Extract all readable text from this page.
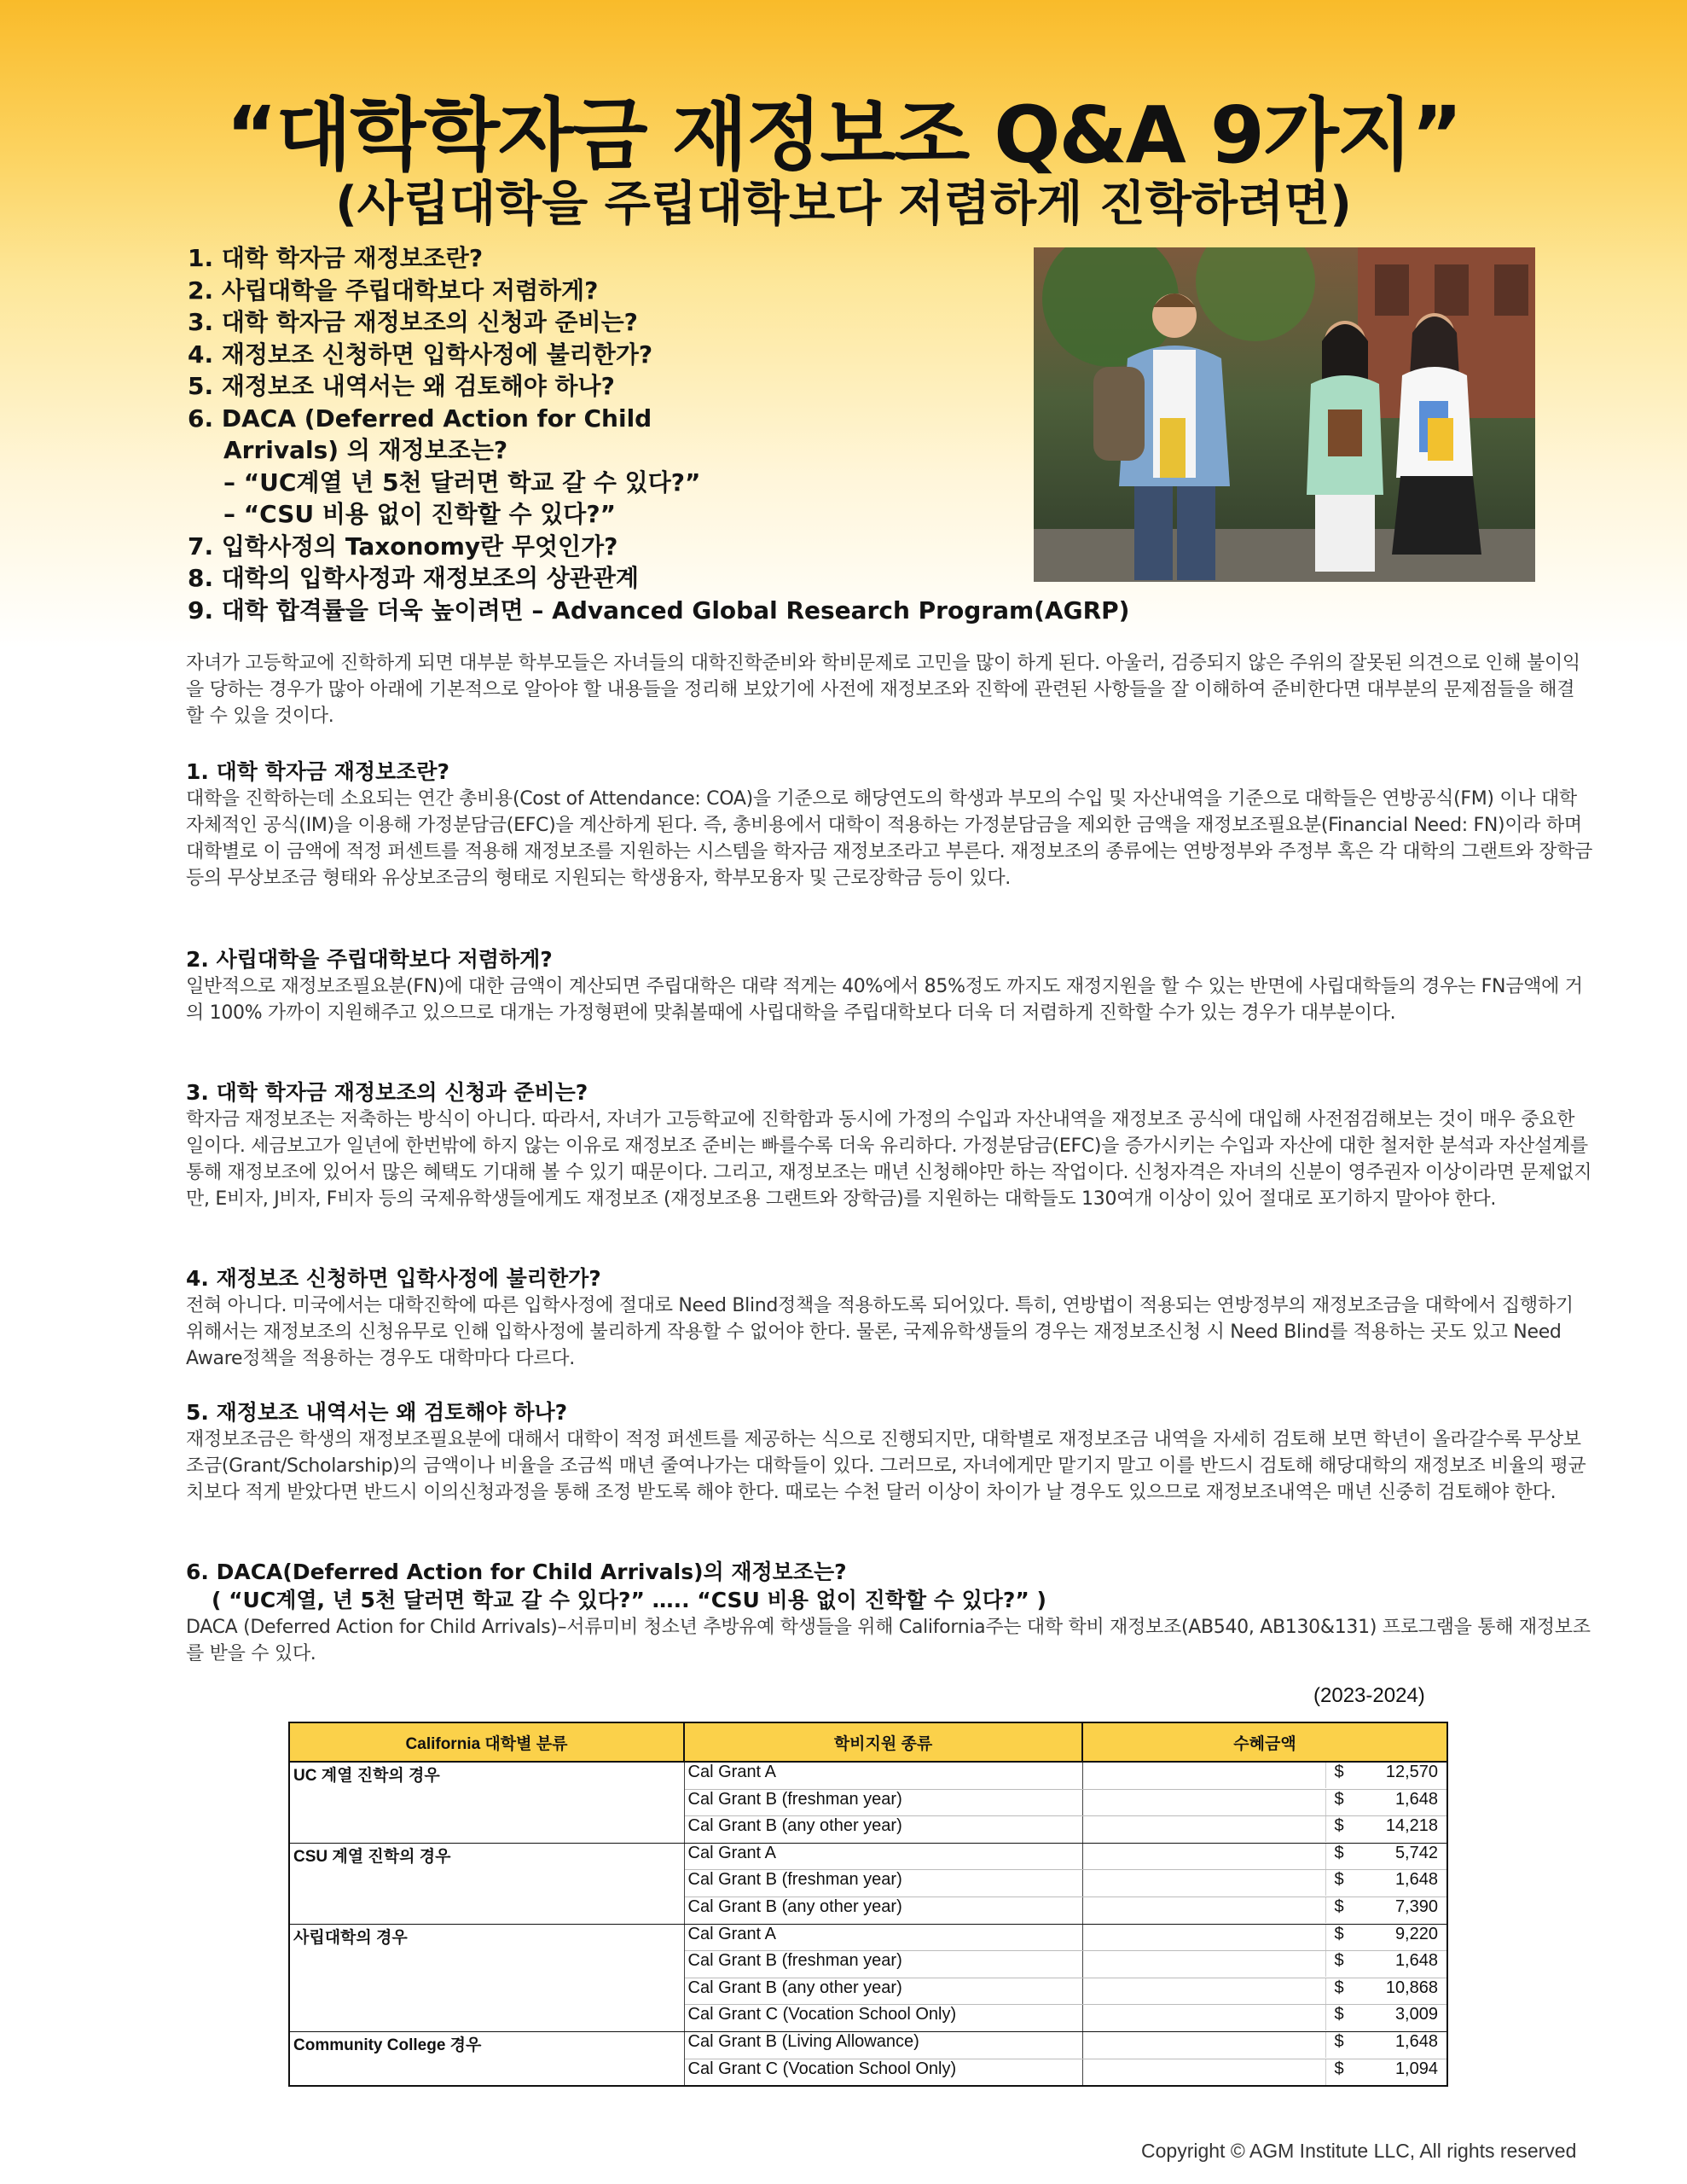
“대학학자금 재정보조 Q&A 9가지”
(사립대학을 주립대학보다 저렴하게 진학하려면)
1. 대학 학자금 재정보조란?
2. 사립대학을 주립대학보다 저렴하게?
3. 대학 학자금 재정보조의 신청과 준비는?
4. 재정보조 신청하면 입학사정에 불리한가?
5. 재정보조 내역서는 왜 검토해야 하나?
6. DACA (Deferred Action for Child
Arrivals) 의 재정보조는?
– “UC계열 년 5천 달러면 학교 갈 수 있다?”
– “CSU 비용 없이 진학할 수 있다?”
7. 입학사정의 Taxonomy란 무엇인가?
8. 대학의 입학사정과 재정보조의 상관관계
9. 대학 합격률을 더욱 높이려면 – Advanced Global Research Program(AGRP)

자녀가 고등학교에 진학하게 되면 대부분 학부모들은 자녀들의 대학진학준비와 학비문제로 고민을 많이 하게 된다. 아울러, 검증되지 않은 주위의 잘못된 의견으로 인해 불이익을 당하는 경우가 많아 아래에 기본적으로 알아야 할 내용들을 정리해 보았기에 사전에 재정보조와 진학에 관련된 사항들을 잘 이해하여 준비한다면 대부분의 문제점들을 해결할 수 있을 것이다.

1. 대학 학자금 재정보조란?

대학을 진학하는데 소요되는 연간 총비용(Cost of Attendance: COA)을 기준으로 해당연도의 학생과 부모의 수입 및 자산내역을 기준으로 대학들은 연방공식(FM) 이나 대학자체적인 공식(IM)을 이용해 가정분담금(EFC)을 계산하게 된다. 즉, 총비용에서 대학이 적용하는 가정분담금을 제외한 금액을 재정보조필요분(Financial Need: FN)이라 하며 대학별로 이 금액에 적정 퍼센트를 적용해 재정보조를 지원하는 시스템을 학자금 재정보조라고 부른다. 재정보조의 종류에는 연방정부와 주정부 혹은 각 대학의 그랜트와 장학금 등의 무상보조금 형태와 유상보조금의 형태로 지원되는 학생융자, 학부모융자 및 근로장학금 등이 있다.

2. 사립대학을 주립대학보다 저렴하게?

일반적으로 재정보조필요분(FN)에 대한 금액이 계산되면 주립대학은 대략 적게는 40%에서 85%정도 까지도 재정지원을 할 수 있는 반면에 사립대학들의 경우는 FN금액에 거의 100% 가까이 지원해주고 있으므로 대개는 가정형편에 맞춰볼때에 사립대학을 주립대학보다 더욱 더 저렴하게 진학할 수가 있는 경우가 대부분이다.

3. 대학 학자금 재정보조의 신청과 준비는?

학자금 재정보조는 저축하는 방식이 아니다. 따라서, 자녀가 고등학교에 진학함과 동시에 가정의 수입과 자산내역을 재정보조 공식에 대입해 사전점검해보는 것이 매우 중요한 일이다. 세금보고가 일년에 한번밖에 하지 않는 이유로 재정보조 준비는 빠를수록 더욱 유리하다. 가정분담금(EFC)을 증가시키는 수입과 자산에 대한 철저한 분석과 자산설계를 통해 재정보조에 있어서 많은 혜택도 기대해 볼 수 있기 때문이다. 그리고, 재정보조는 매년 신청해야만 하는 작업이다. 신청자격은 자녀의 신분이 영주권자 이상이라면 문제없지만, E비자, J비자, F비자 등의 국제유학생들에게도 재정보조 (재정보조용 그랜트와 장학금)를 지원하는 대학들도 130여개 이상이 있어 절대로 포기하지 말아야 한다.

4. 재정보조 신청하면 입학사정에 불리한가?

전혀 아니다. 미국에서는 대학진학에 따른 입학사정에 절대로 Need Blind정책을 적용하도록 되어있다. 특히, 연방법이 적용되는 연방정부의 재정보조금을 대학에서 집행하기 위해서는 재정보조의 신청유무로 인해 입학사정에 불리하게 작용할 수 없어야 한다. 물론, 국제유학생들의 경우는 재정보조신청 시 Need Blind를 적용하는 곳도 있고 Need Aware정책을 적용하는 경우도 대학마다 다르다.

5. 재정보조 내역서는 왜 검토해야 하나?

재정보조금은 학생의 재정보조필요분에 대해서 대학이 적정 퍼센트를 제공하는 식으로 진행되지만, 대학별로 재정보조금 내역을 자세히 검토해 보면 학년이 올라갈수록 무상보조금(Grant/Scholarship)의 금액이나 비율을 조금씩 매년 줄여나가는 대학들이 있다. 그러므로, 자녀에게만 맡기지 말고 이를 반드시 검토해 해당대학의 재정보조 비율의 평균치보다 적게 받았다면 반드시 이의신청과정을 통해 조정 받도록 해야 한다. 때로는 수천 달러 이상이 차이가 날 경우도 있으므로 재정보조내역은 매년 신중히 검토해야 한다.

6. DACA(Deferred Action for Child Arrivals)의 재정보조는?

( “UC계열, 년 5천 달러면 학교 갈 수 있다?” ….. “CSU 비용 없이 진학할 수 있다?” )

DACA (Deferred Action for Child Arrivals)–서류미비 청소년 추방유예 학생들을 위해 California주는 대학 학비 재정보조(AB540, AB130&131) 프로그램을 통해 재정보조를 받을 수 있다.

(2023-2024)
California 대학별 분류	학비지원 종류	수혜금액
UC 계열 진학의 경우	Cal Grant A	$ 12,570

	Cal Grant B (freshman year)	$ 1,648

	Cal Grant B (any other year)	$ 14,218

CSU 계열 진학의 경우	Cal Grant A	$ 5,742

	Cal Grant B (freshman year)	$ 1,648

	Cal Grant B (any other year)	$ 7,390

사립대학의 경우	Cal Grant A	$ 9,220

	Cal Grant B (freshman year)	$ 1,648

	Cal Grant B (any other year)	$ 10,868

	Cal Grant C (Vocation School Only)	$ 3,009

Community College 경우	Cal Grant B (Living Allowance)	$ 1,648

	Cal Grant C (Vocation School Only)	$ 1,094
Copyright © AGM Institute LLC, All rights reserved
